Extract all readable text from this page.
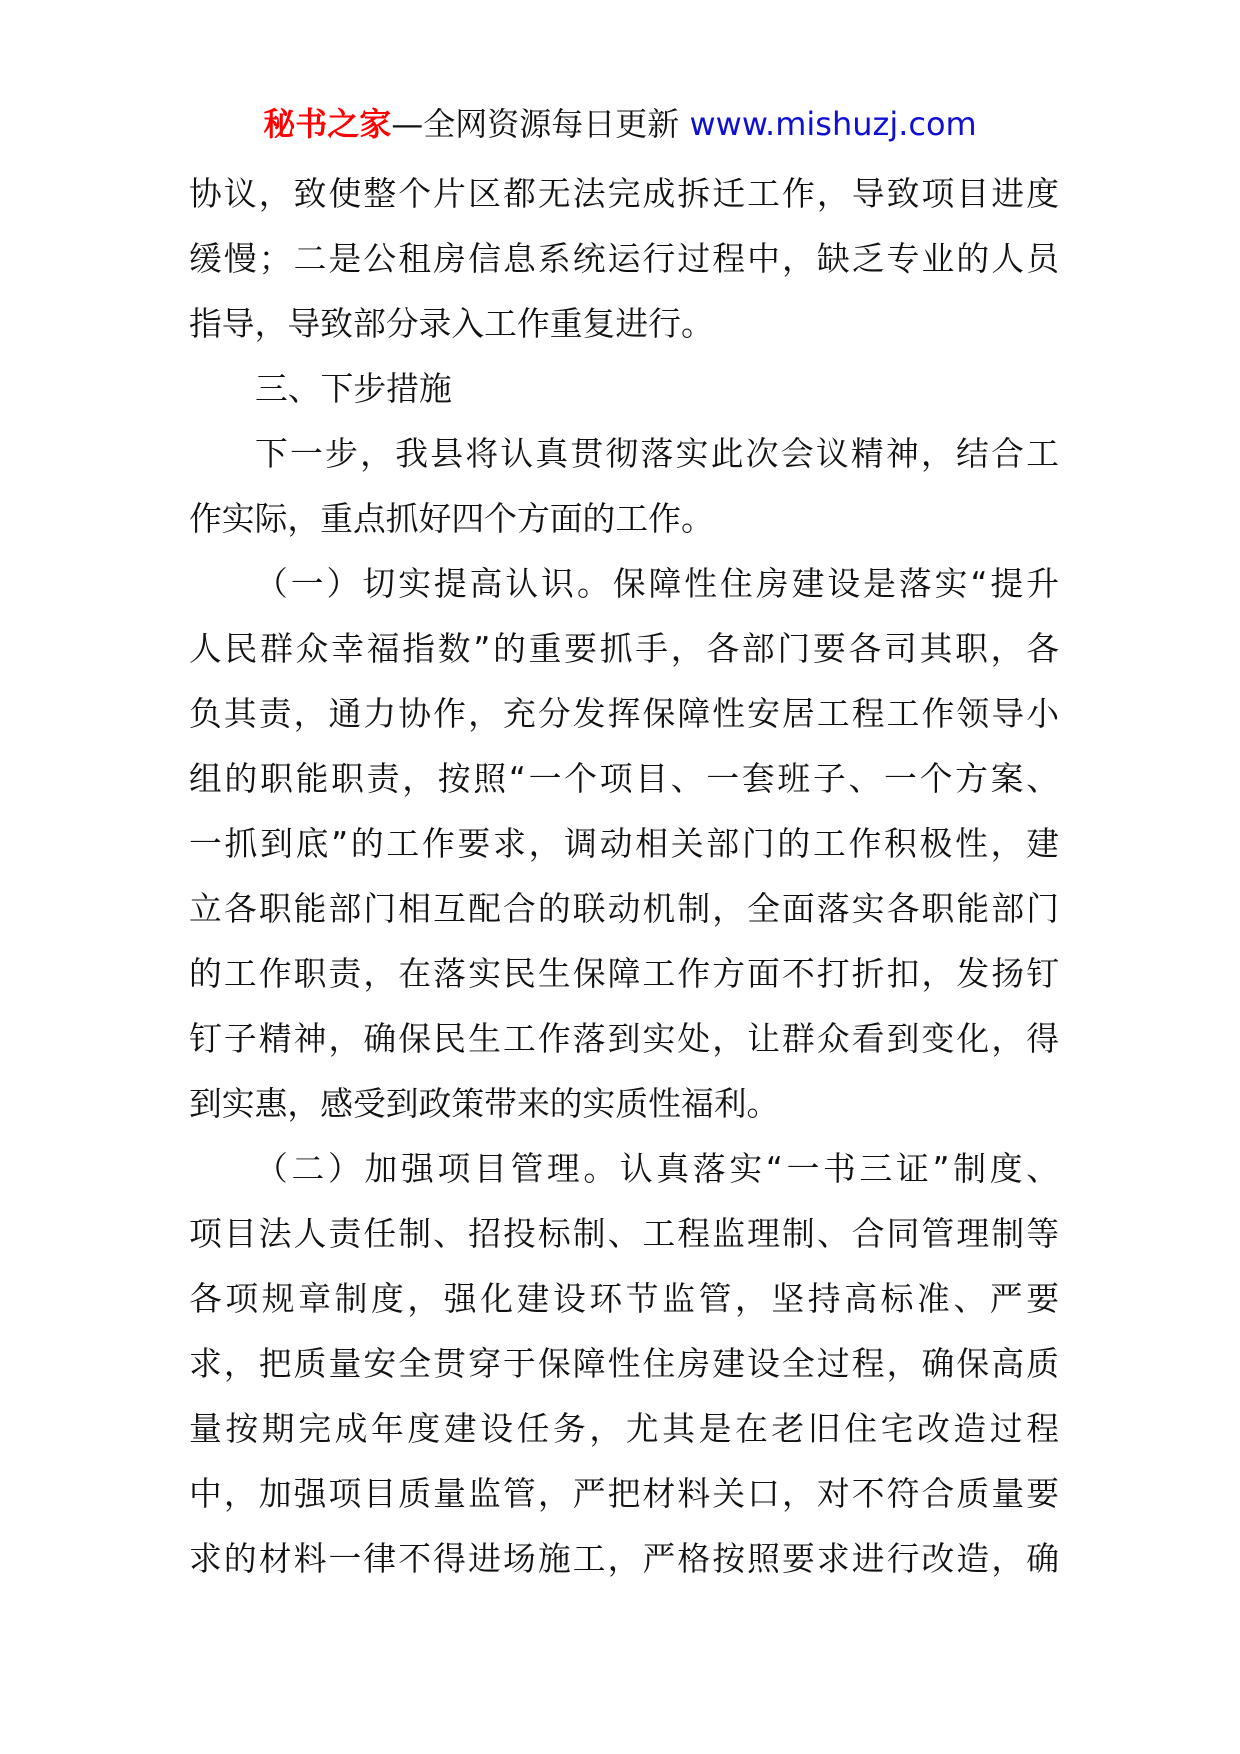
秘书之家—全网资源每日更新 www.mishuzj.com
协议，致使整个片区都无法完成拆迁工作，导致项目进度
缓慢；二是公租房信息系统运行过程中，缺乏专业的人员
指导，导致部分录入工作重复进行。
三、下步措施
下一步，我县将认真贯彻落实此次会议精神，结合工
作实际，重点抓好四个方面的工作。
（一）切实提高认识。保障性住房建设是落实“提升
人民群众幸福指数”的重要抓手，各部门要各司其职，各
负其责，通力协作，充分发挥保障性安居工程工作领导小
组的职能职责，按照“一个项目、一套班子、一个方案、
一抓到底”的工作要求，调动相关部门的工作积极性，建
立各职能部门相互配合的联动机制，全面落实各职能部门
的工作职责，在落实民生保障工作方面不打折扣，发扬钉
钉子精神，确保民生工作落到实处，让群众看到变化，得
到实惠，感受到政策带来的实质性福利。
（二）加强项目管理。认真落实“一书三证”制度、
项目法人责任制、招投标制、工程监理制、合同管理制等
各项规章制度，强化建设环节监管，坚持高标准、严要
求，把质量安全贯穿于保障性住房建设全过程，确保高质
量按期完成年度建设任务，尤其是在老旧住宅改造过程
中，加强项目质量监管，严把材料关口，对不符合质量要
求的材料一律不得进场施工，严格按照要求进行改造，确
